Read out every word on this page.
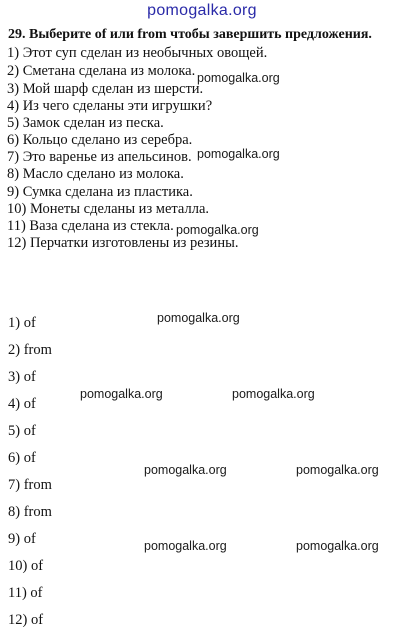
pomogalka.org
29. Выберите of или from чтобы завершить предложения.
1) Этот суп сделан из необычных овощей.
2) Сметана сделана из молока.
3) Мой шарф сделан из шерсти.
4) Из чего сделаны эти игрушки?
5) Замок сделан из песка.
6) Кольцо сделано из серебра.
7) Это варенье из апельсинов.
8) Масло сделано из молока.
9) Сумка сделана из пластика.
10) Монеты сделаны из металла.
11) Ваза сделана из стекла.
12) Перчатки изготовлены из резины.
1) of
2) from
3) of
4) of
5) of
6) of
7) from
8) from
9) of
10) of
11) of
12) of
pomogalka.org
pomogalka.org
pomogalka.org
pomogalka.org
pomogalka.org	pomogalka.org
pomogalka.org	pomogalka.org
pomogalka.org	pomogalka.org
